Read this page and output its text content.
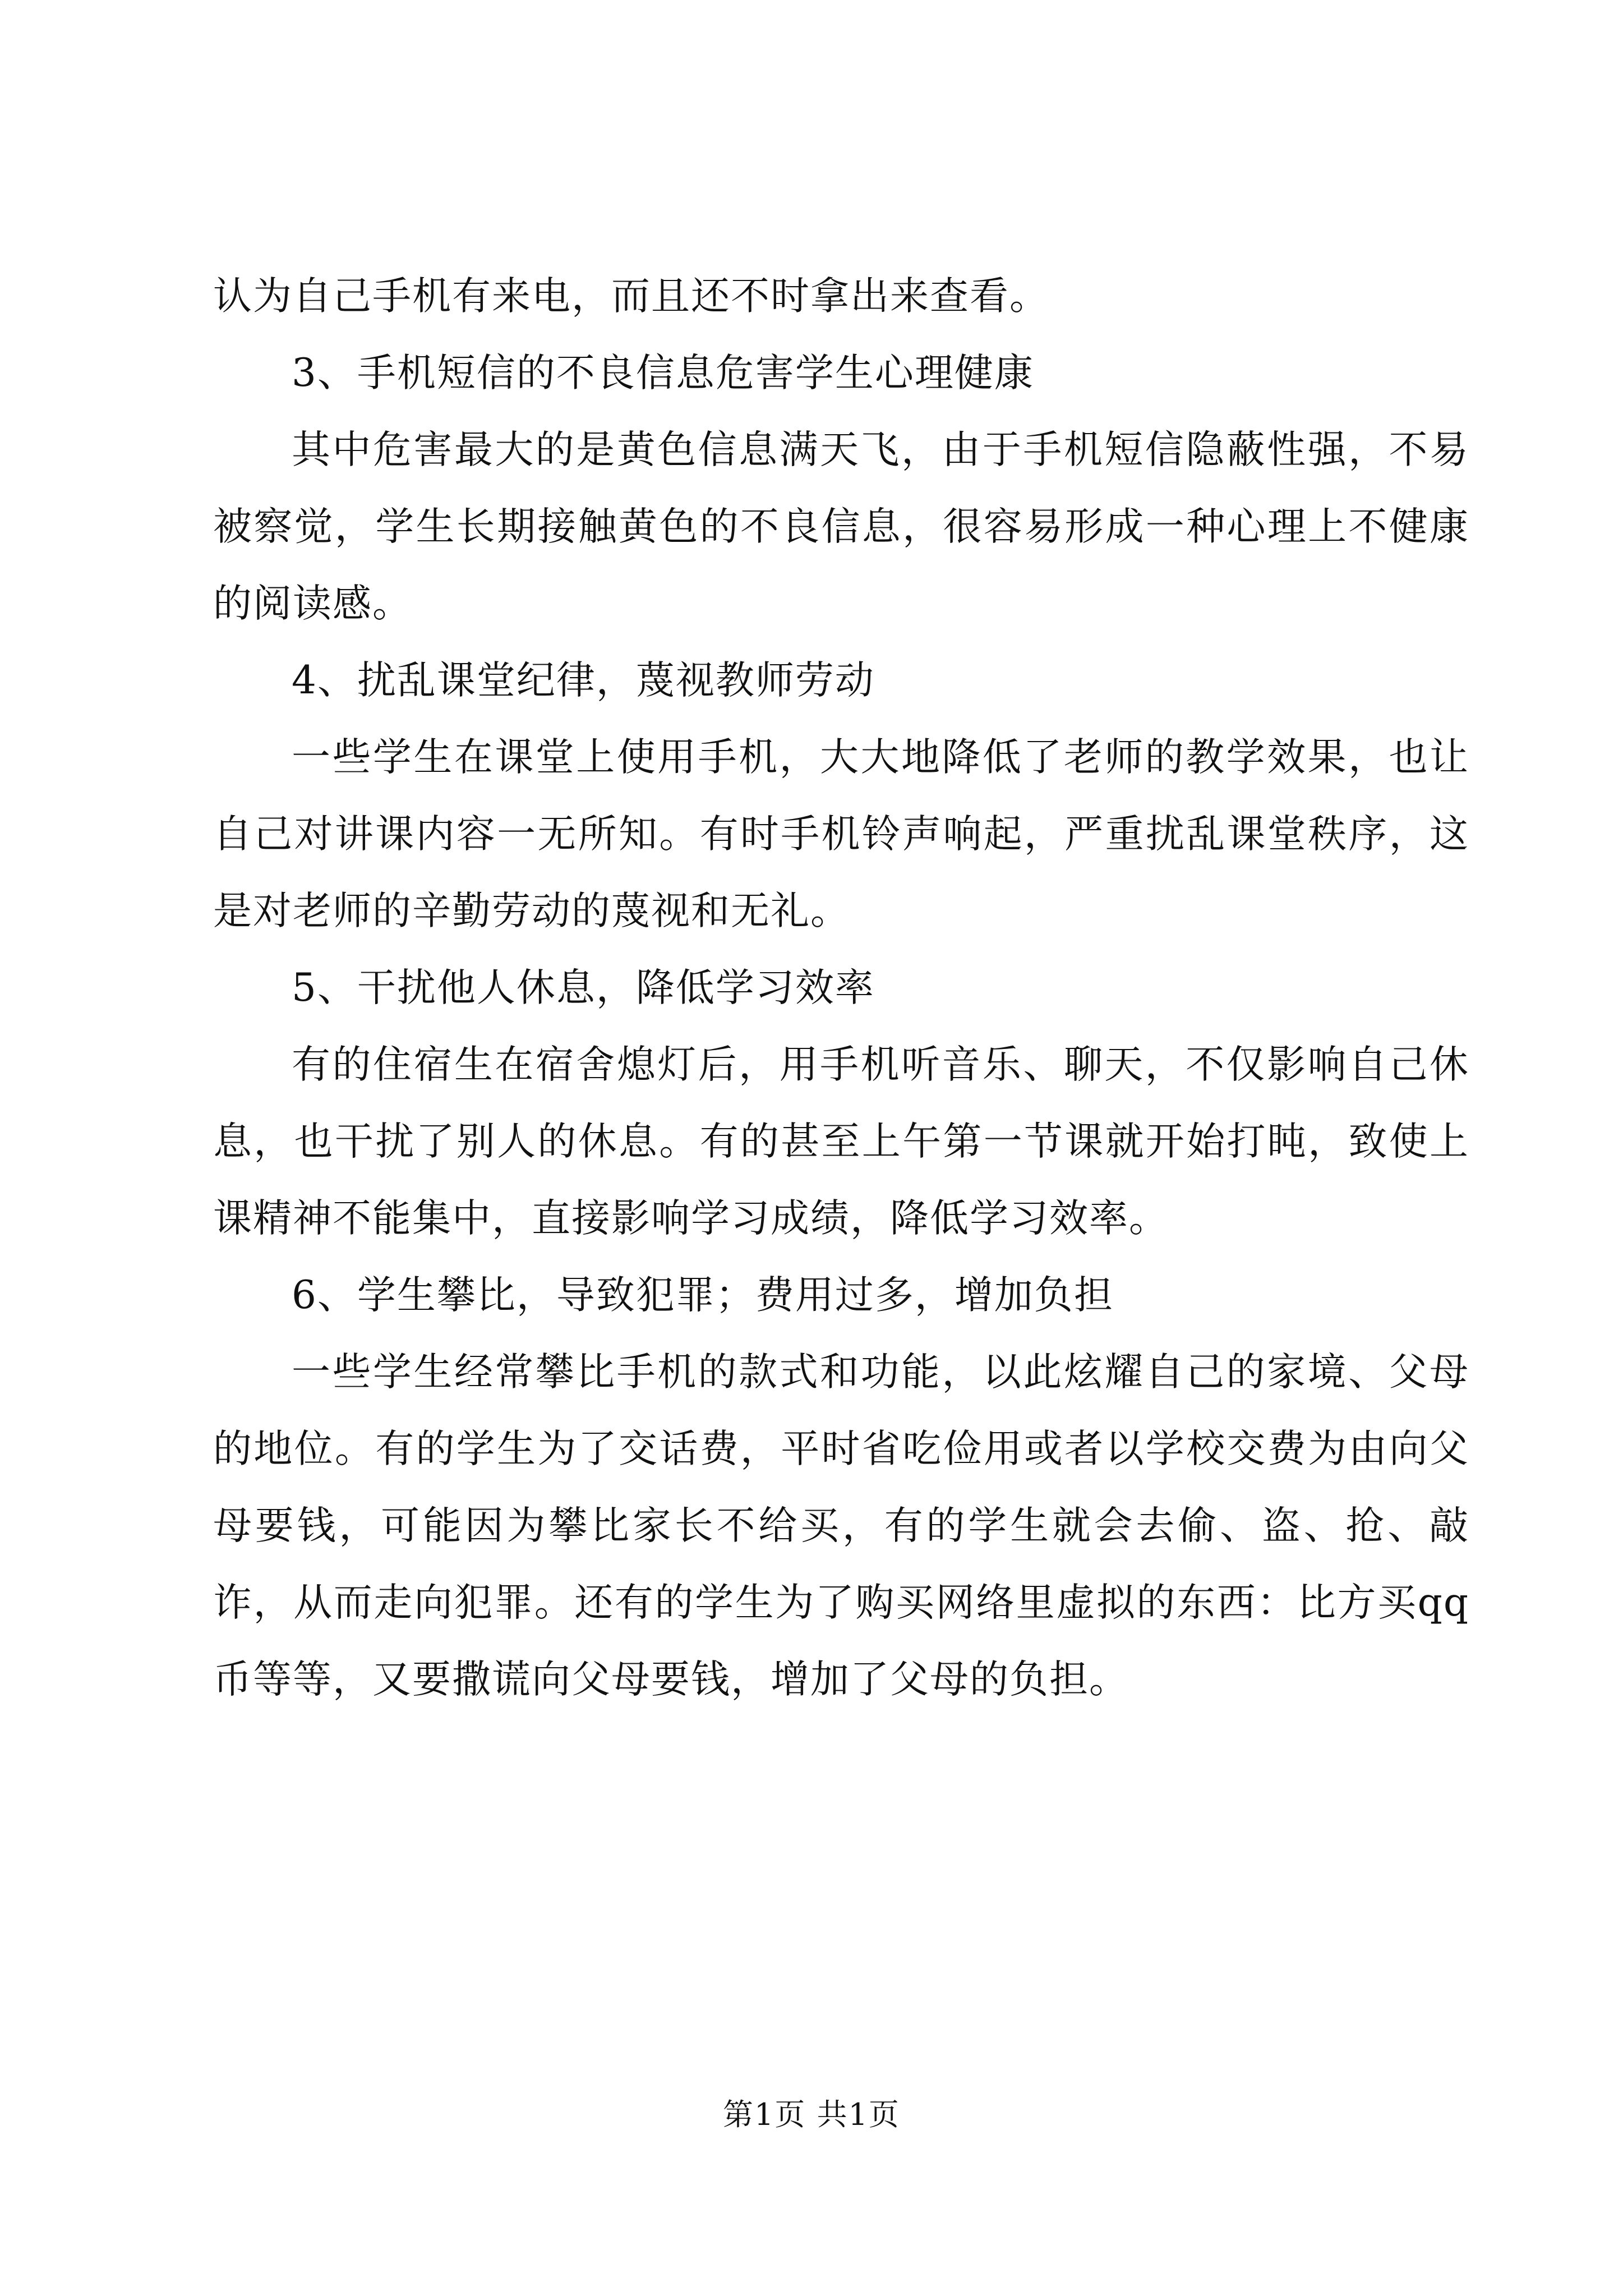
认为自己手机有来电，而且还不时拿出来查看。

3、手机短信的不良信息危害学生心理健康

其中危害最大的是黄色信息满天飞，由于手机短信隐蔽性强，不易被察觉，学生长期接触黄色的不良信息，很容易形成一种心理上不健康的阅读感。

4、扰乱课堂纪律，蔑视教师劳动

一些学生在课堂上使用手机，大大地降低了老师的教学效果，也让自己对讲课内容一无所知。有时手机铃声响起，严重扰乱课堂秩序，这是对老师的辛勤劳动的蔑视和无礼。

5、干扰他人休息，降低学习效率

有的住宿生在宿舍熄灯后，用手机听音乐、聊天，不仅影响自己休息，也干扰了别人的休息。有的甚至上午第一节课就开始打盹，致使上课精神不能集中，直接影响学习成绩，降低学习效率。

6、学生攀比，导致犯罪；费用过多，增加负担

一些学生经常攀比手机的款式和功能，以此炫耀自己的家境、父母的地位。有的学生为了交话费，平时省吃俭用或者以学校交费为由向父母要钱，可能因为攀比家长不给买，有的学生就会去偷、盗、抢、敲诈，从而走向犯罪。还有的学生为了购买网络里虚拟的东西：比方买qq币等等，又要撒谎向父母要钱，增加了父母的负担。

第1页 共1页
